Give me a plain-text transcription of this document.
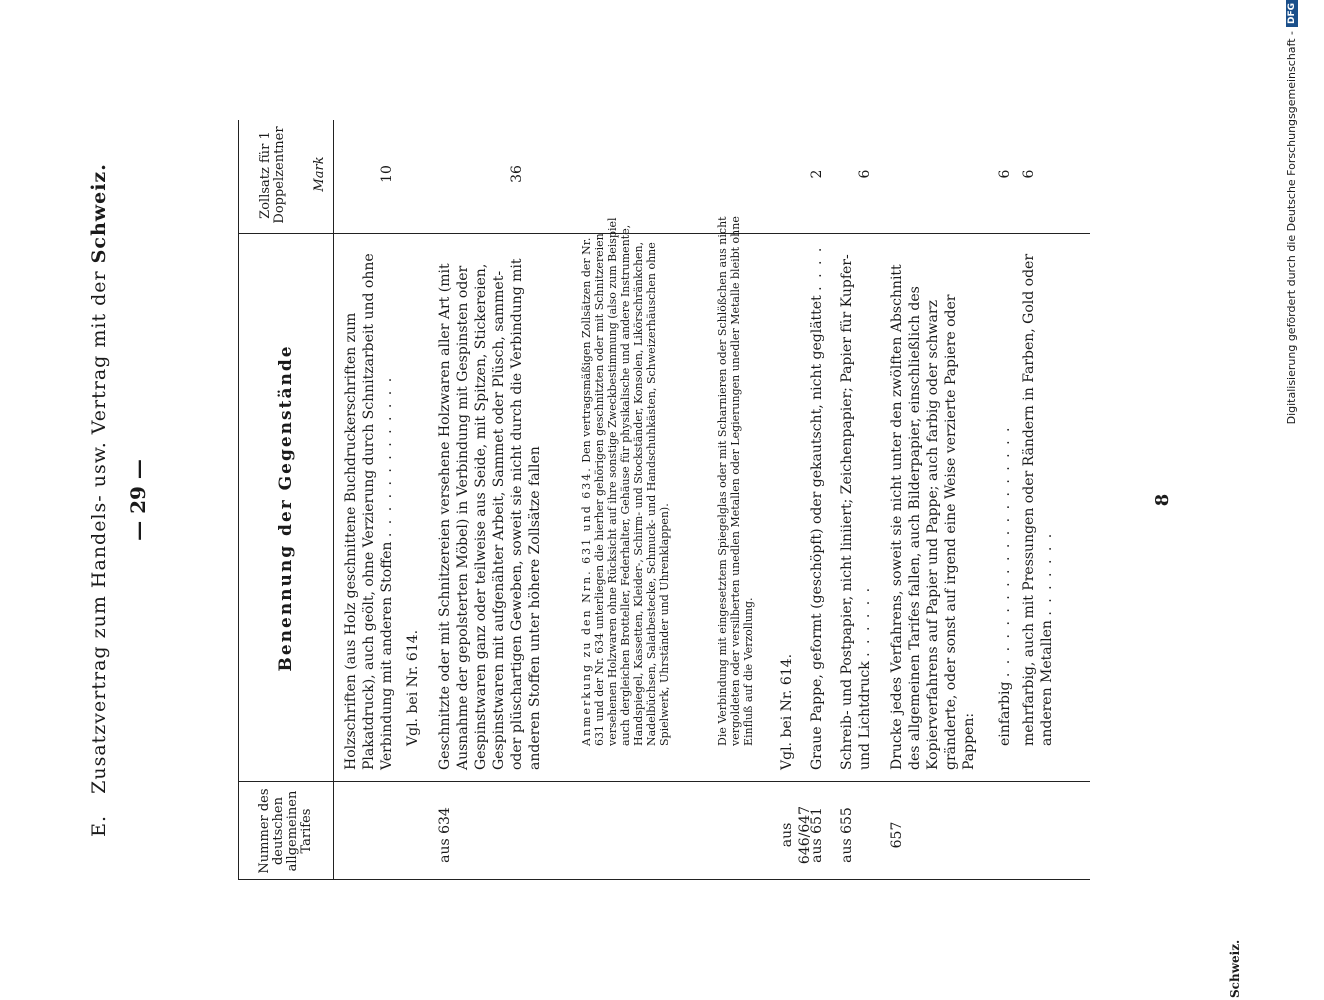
E. Zusatzvertrag zum Handels- usw. Vertrag mit der Schweiz.
— 29 —
Nummer des deutschen allgemeinen Tarifes
Benennung der Gegenstände
Zollsatz für 1 Doppelzentner Mark
Holzschriften (aus Holz geschnittene Buchdruckerschriften zum Plakatdruck), auch geölt, ohne Verzierung durch Schnitzarbeit und ohne Verbindung mit anderen Stoffen . . . . . . . . . . . . .
10
Vgl. bei Nr. 614.
aus 634
Geschnitzte oder mit Schnitzereien versehene Holzwaren aller Art (mit Ausnahme der gepolsterten Möbel) in Verbindung mit Gespinsten oder Gespinstwaren ganz oder teilweise aus Seide, mit Spitzen, Stickereien, Gespinstwaren mit aufgenähter Arbeit, Sammet oder Plüsch, sammet- oder plüschartigen Geweben, soweit sie nicht durch die Verbindung mit anderen Stoffen unter höhere Zollsätze fallen
36
Anmerkung zu den Nrn. 631 und 634. Den vertragsmäßigen Zollsätzen der Nr. 631 und der Nr. 634 unterliegen die hierher gehörigen geschnitzten oder mit Schnitzereien versehenen Holzwaren ohne Rücksicht auf ihre sonstige Zweckbestimmung (also zum Beispiel auch dergleichen Brotteller, Federhalter, Gehäuse für physikalische und andere Instrumente, Handspiegel, Kassetten, Kleider-, Schirm- und Stockständer, Konsolen, Likörschränkchen, Nadelbüchsen, Salatbestecke, Schmuck- und Handschuhkästen, Schweizerhäuschen ohne Spielwerk, Uhrständer und Uhrenklappen).	Die Verbindung mit eingesetztem Spiegelglas oder mit Scharnieren oder Schlößchen aus nicht vergoldeten oder versilberten unedlen Metallen oder Legierungen unedler Metalle bleibt ohne Einfluß auf die Verzollung.
aus 646/647
Vgl. bei Nr. 614.
aus 651
Graue Pappe, geformt (geschöpft) oder gekautscht, nicht geglättet . . . .
2
aus 655
Schreib- und Postpapier, nicht liniiert; Zeichenpapier; Papier für Kupfer- und Lichtdruck . . . . . .
6
657
Drucke jedes Verfahrens, soweit sie nicht unter den zwölften Abschnitt des allgemeinen Tarifes fallen, auch Bilderpapier, einschließlich des Kopierverfahrens auf Papier und Pappe; auch farbig oder schwarz gränderte, oder sonst auf irgend eine Weise verzierte Papiere oder Pappen: einfarbig . . . . . . . . . . . . . . . . . . . .
6
mehrfarbig, auch mit Pressungen oder Rändern in Farben, Gold oder anderen Metallen . . . . . . .
6
8
Schweiz.
Digitalisierung gefördert durch die Deutsche Forschungsgemeinschaft -DFG
